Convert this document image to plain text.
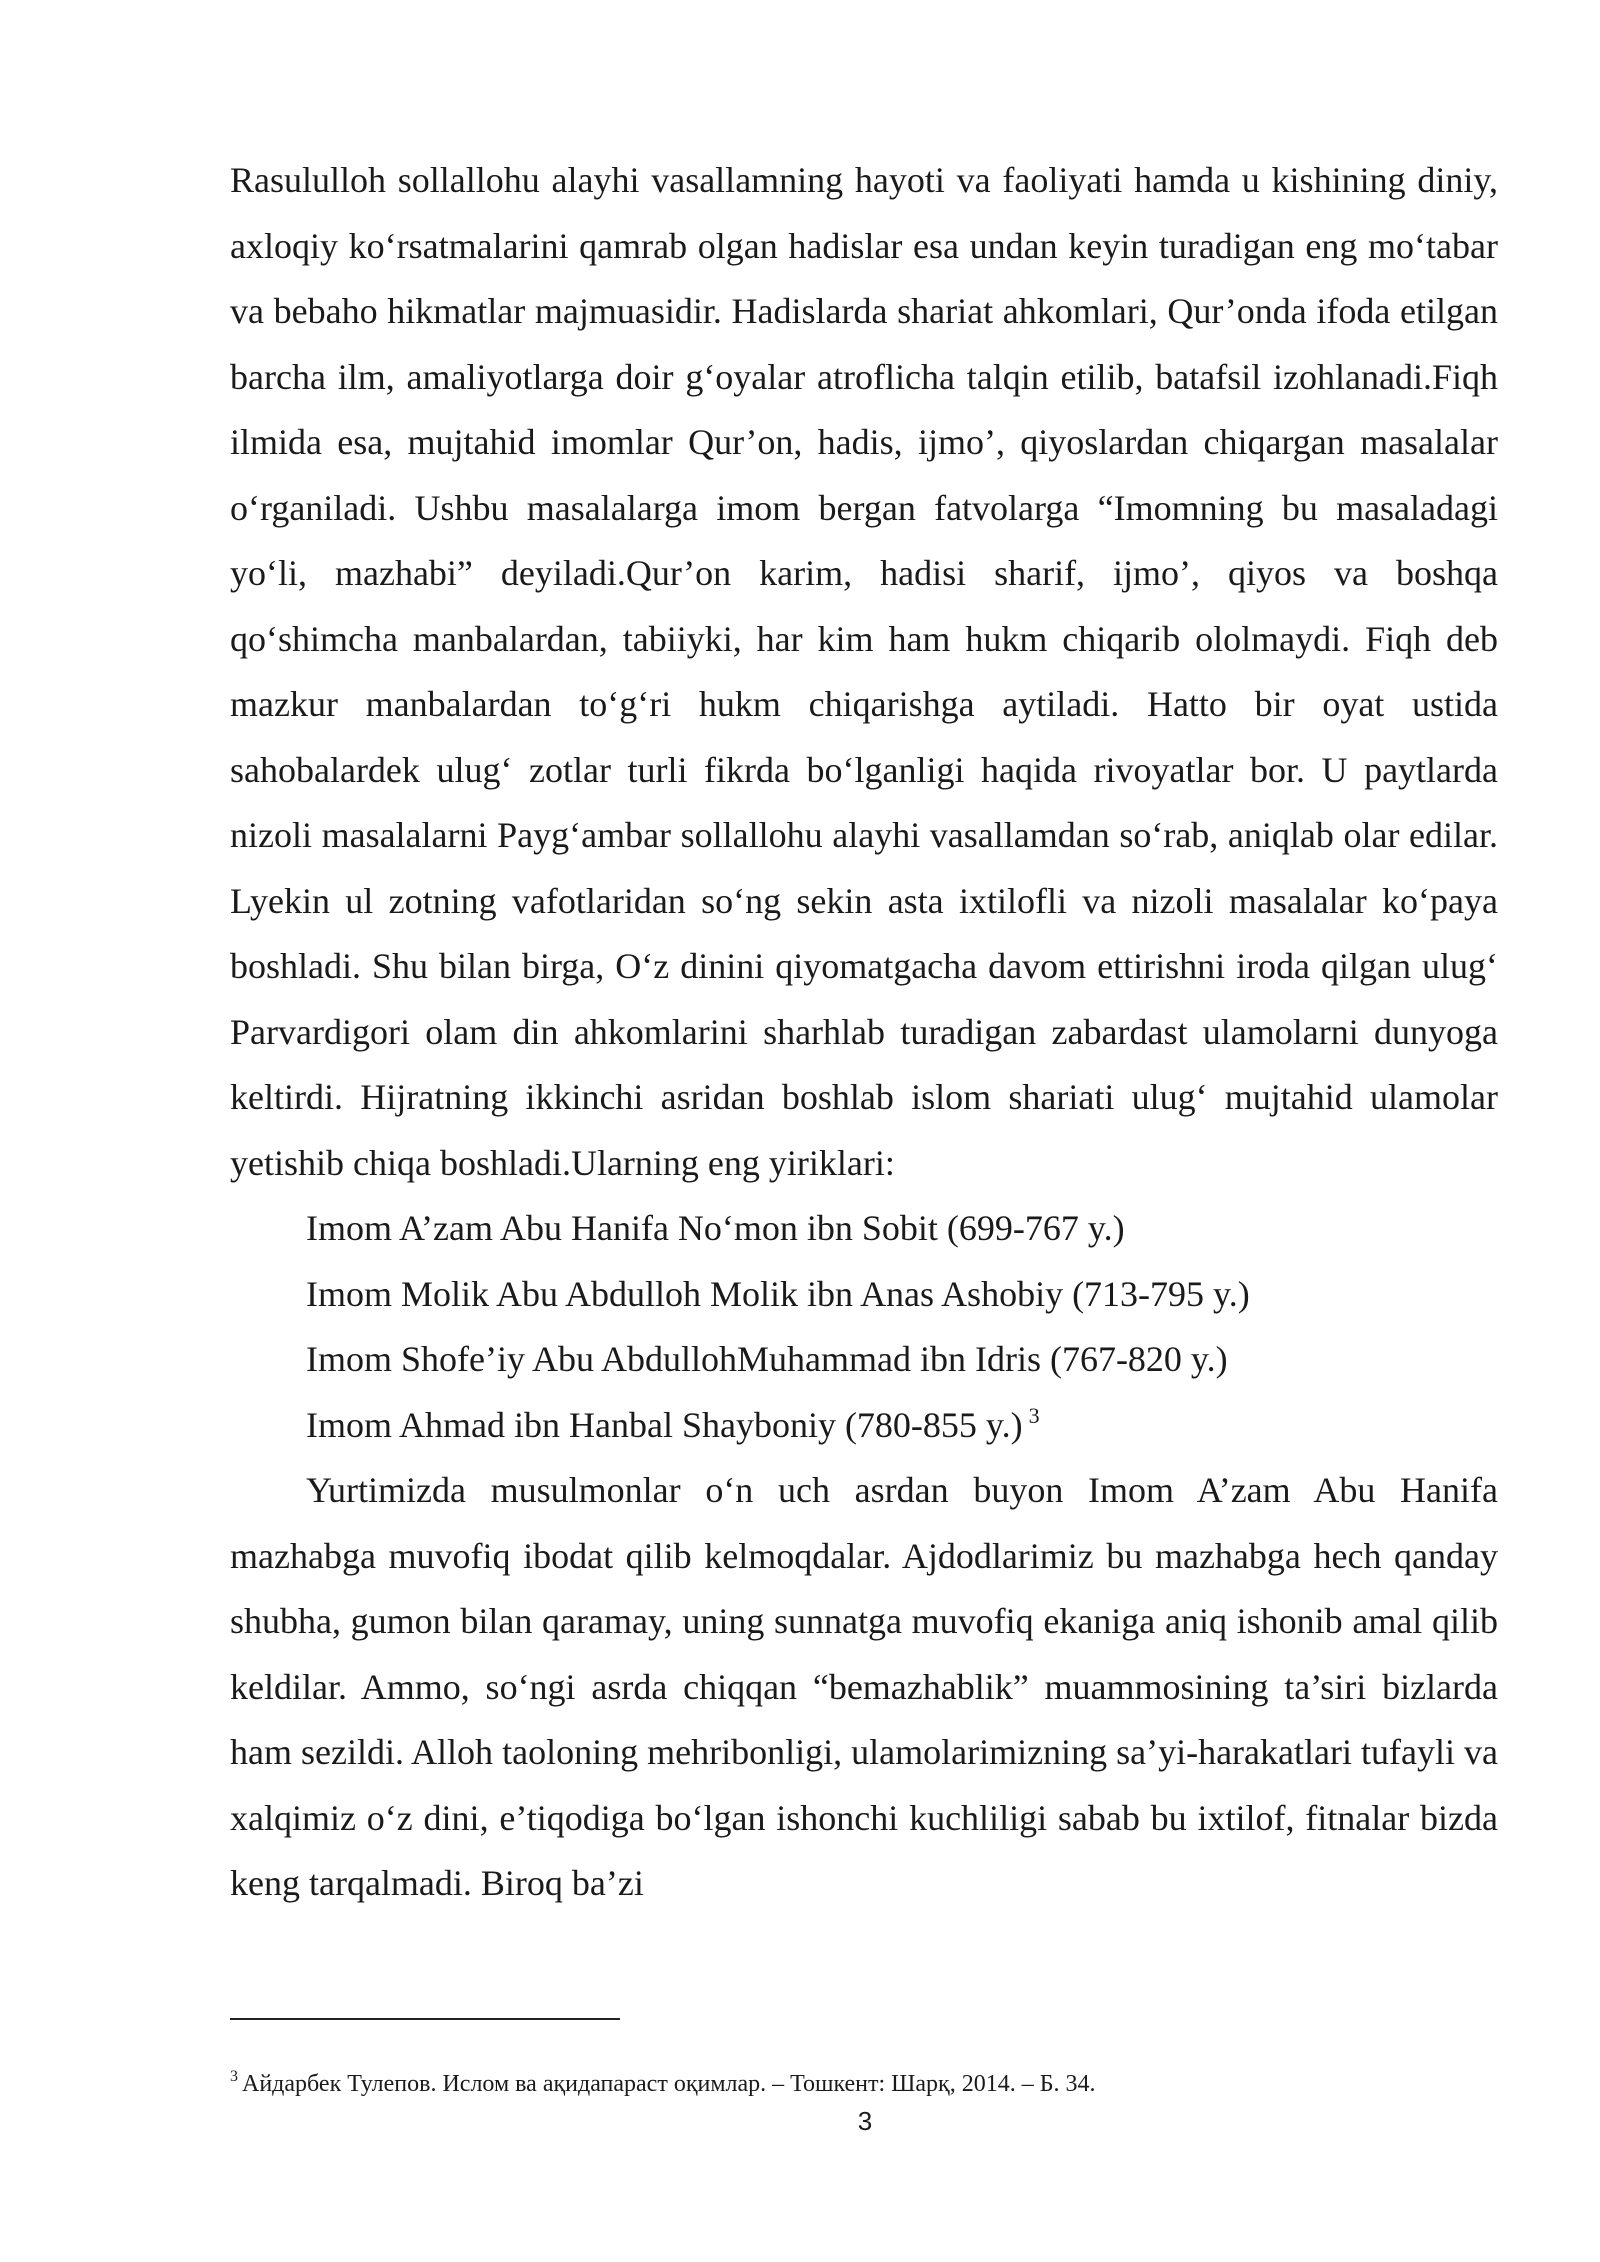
Rasululloh sollallohu alayhi vasallamning hayoti va faoliyati hamda u kishining diniy, axloqiy koʻrsatmalarini qamrab olgan hadislar esa undan keyin turadigan eng moʻtabar va bebaho hikmatlar majmuasidir. Hadislarda shariat ahkomlari, Qur’onda ifoda etilgan barcha ilm, amaliyotlarga doir gʻoyalar atroflicha talqin etilib, batafsil izohlanadi.Fiqh ilmida esa, mujtahid imomlar Qur’on, hadis, ijmo’, qiyoslardan chiqargan masalalar oʻrganiladi. Ushbu masalalarga imom bergan fatvolarga “Imomning bu masaladagi yoʻli, mazhabi” deyiladi.Qur’on karim, hadisi sharif, ijmo’, qiyos va boshqa qoʻshimcha manbalardan, tabiiyki, har kim ham hukm chiqarib ololmaydi. Fiqh deb mazkur manbalardan toʻgʻri hukm chiqarishga aytiladi. Hatto bir oyat ustida sahobalardek ulugʻ zotlar turli fikrda boʻlganligi haqida rivoyatlar bor. U paytlarda nizoli masalalarni Paygʻambar sollallohu alayhi vasallamdan soʻrab, aniqlab olar edilar. Lyekin ul zotning vafotlaridan soʻng sekin asta ixtilofli va nizoli masalalar koʻpaya boshladi. Shu bilan birga, Oʻz dinini qiyomatgacha davom ettirishni iroda qilgan ulugʻ Parvardigori olam din ahkomlarini sharhlab turadigan zabardast ulamolarni dunyoga keltirdi. Hijratning ikkinchi asridan boshlab islom shariati ulugʻ mujtahid ulamolar yetishib chiqa boshladi.Ularning eng yiriklari:

Imom A’zam Abu Hanifa Noʻmon ibn Sobit (699-767 y.)

Imom Molik Abu Abdulloh Molik ibn Anas Ashobiy (713-795 y.)

Imom Shofe’iy Abu AbdullohMuhammad ibn Idris (767-820 y.)

Imom Ahmad ibn Hanbal Shayboniy (780-855 y.) $^3$

Yurtimizda musulmonlar oʻn uch asrdan buyon Imom A’zam Abu Hanifa mazhabga muvofiq ibodat qilib kelmoqdalar. Ajdodlarimiz bu mazhabga hech qanday shubha, gumon bilan qaramay, uning sunnatga muvofiq ekaniga aniq ishonib amal qilib keldilar. Ammo, soʻngi asrda chiqqan “bemazhablik” muammosining ta’siri bizlarda ham sezildi. Alloh taoloning mehribonligi, ulamolarimizning sa’yi-harakatlari tufayli va xalqimiz oʻz dini, e’tiqodiga boʻlgan ishonchi kuchliligi sabab bu ixtilof, fitnalar bizda keng tarqalmadi. Biroq ba’zi

$^3$ Айдарбек Тулепов. Ислом ва ақидапараст оқимлар. – Тошкент: Шарқ, 2014. – Б. 34.
3
